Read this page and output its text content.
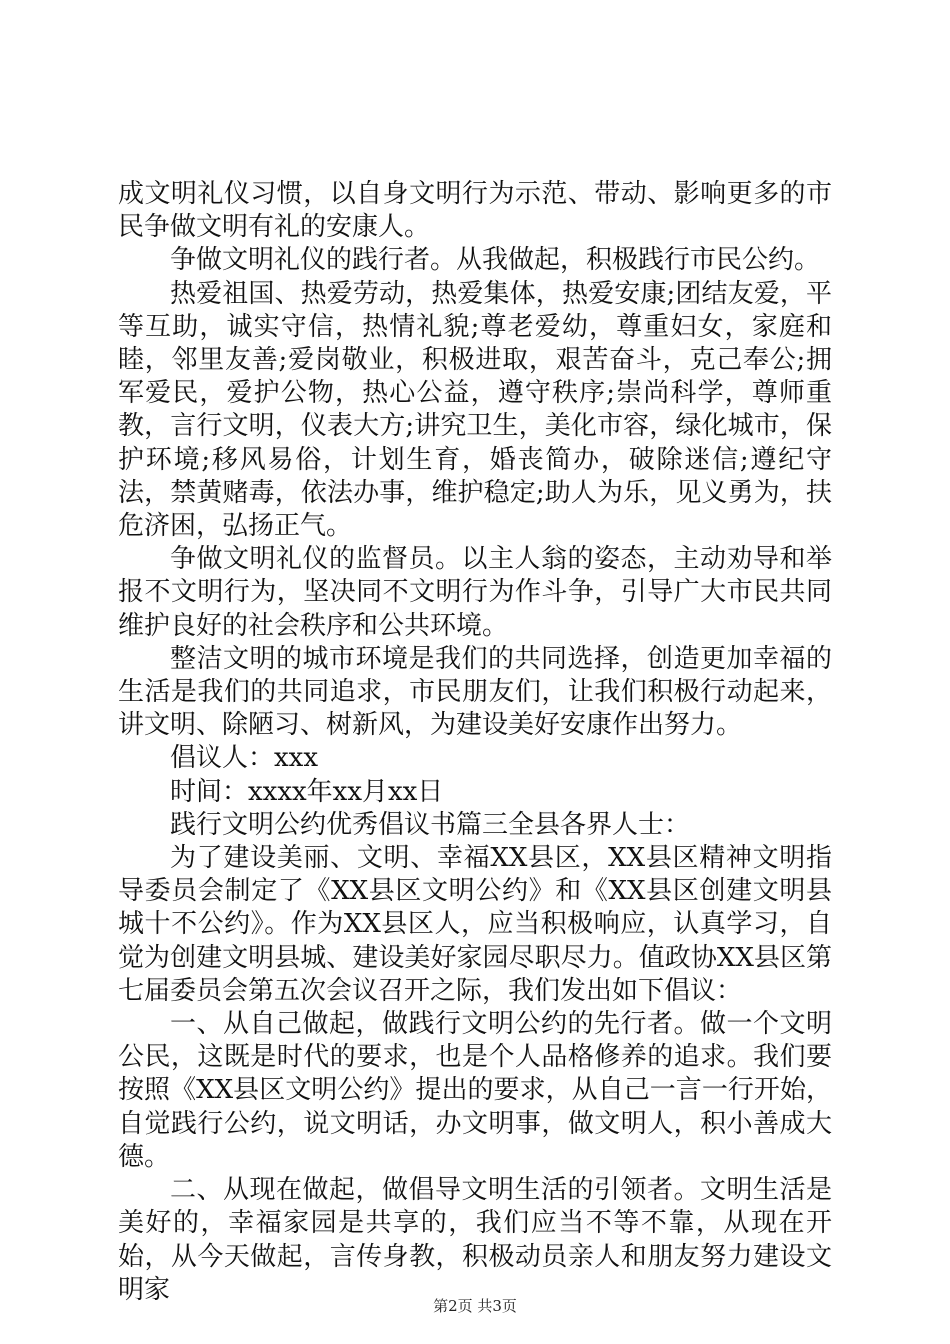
成文明礼仪习惯，以自身文明行为示范、带动、影响更多的市民争做文明有礼的安康人。

争做文明礼仪的践行者。从我做起，积极践行市民公约。

热爱祖国、热爱劳动，热爱集体，热爱安康;团结友爱，平等互助，诚实守信，热情礼貌;尊老爱幼，尊重妇女，家庭和睦，邻里友善;爱岗敬业，积极进取，艰苦奋斗，克己奉公;拥军爱民，爱护公物，热心公益，遵守秩序;崇尚科学，尊师重教，言行文明，仪表大方;讲究卫生，美化市容，绿化城市，保护环境;移风易俗，计划生育，婚丧简办，破除迷信;遵纪守法，禁黄赌毒，依法办事，维护稳定;助人为乐，见义勇为，扶危济困，弘扬正气。

争做文明礼仪的监督员。以主人翁的姿态，主动劝导和举报不文明行为，坚决同不文明行为作斗争，引导广大市民共同维护良好的社会秩序和公共环境。

整洁文明的城市环境是我们的共同选择，创造更加幸福的生活是我们的共同追求，市民朋友们，让我们积极行动起来，讲文明、除陋习、树新风，为建设美好安康作出努力。

倡议人：xxx

时间：xxxx年xx月xx日

践行文明公约优秀倡议书篇三全县各界人士：

为了建设美丽、文明、幸福XX县区，XX县区精神文明指导委员会制定了《XX县区文明公约》和《XX县区创建文明县城十不公约》。作为XX县区人，应当积极响应，认真学习，自觉为创建文明县城、建设美好家园尽职尽力。值政协XX县区第七届委员会第五次会议召开之际，我们发出如下倡议：

一、从自己做起，做践行文明公约的先行者。做一个文明公民，这既是时代的要求，也是个人品格修养的追求。我们要按照《XX县区文明公约》提出的要求，从自己一言一行开始，自觉践行公约，说文明话，办文明事，做文明人，积小善成大德。

二、从现在做起，做倡导文明生活的引领者。文明生活是美好的，幸福家园是共享的，我们应当不等不靠，从现在开始，从今天做起，言传身教，积极动员亲人和朋友努力建设文明家

第2页 共3页
